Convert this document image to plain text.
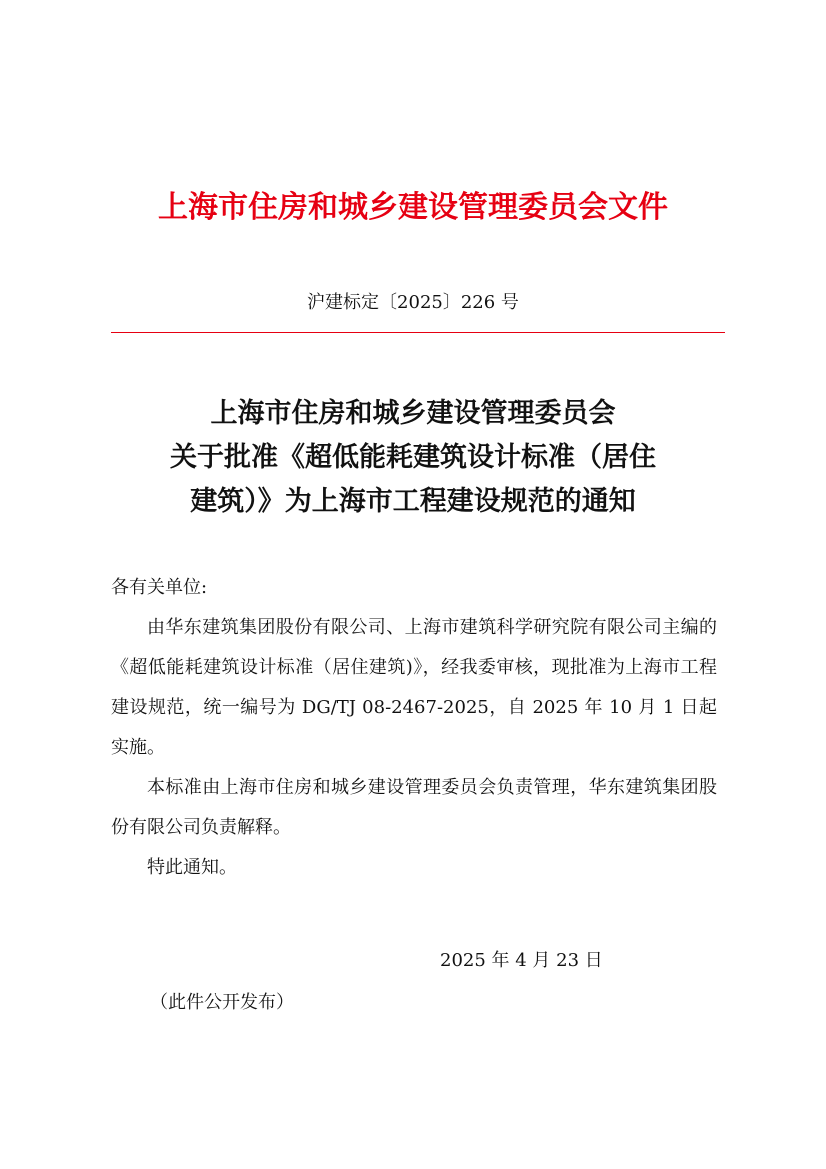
上海市住房和城乡建设管理委员会文件
沪建标定〔2025〕226 号
上海市住房和城乡建设管理委员会
关于批准《超低能耗建筑设计标准（居住
建筑）》为上海市工程建设规范的通知

各有关单位:

由华东建筑集团股份有限公司、上海市建筑科学研究院有限公司主编的《超低能耗建筑设计标准（居住建筑)》，经我委审核，现批准为上海市工程建设规范，统一编号为 DG/TJ 08-2467-2025，自 2025 年 10 月 1 日起实施。

本标准由上海市住房和城乡建设管理委员会负责管理，华东建筑集团股份有限公司负责解释。

特此通知。

2025 年 4 月 23 日
（此件公开发布）
